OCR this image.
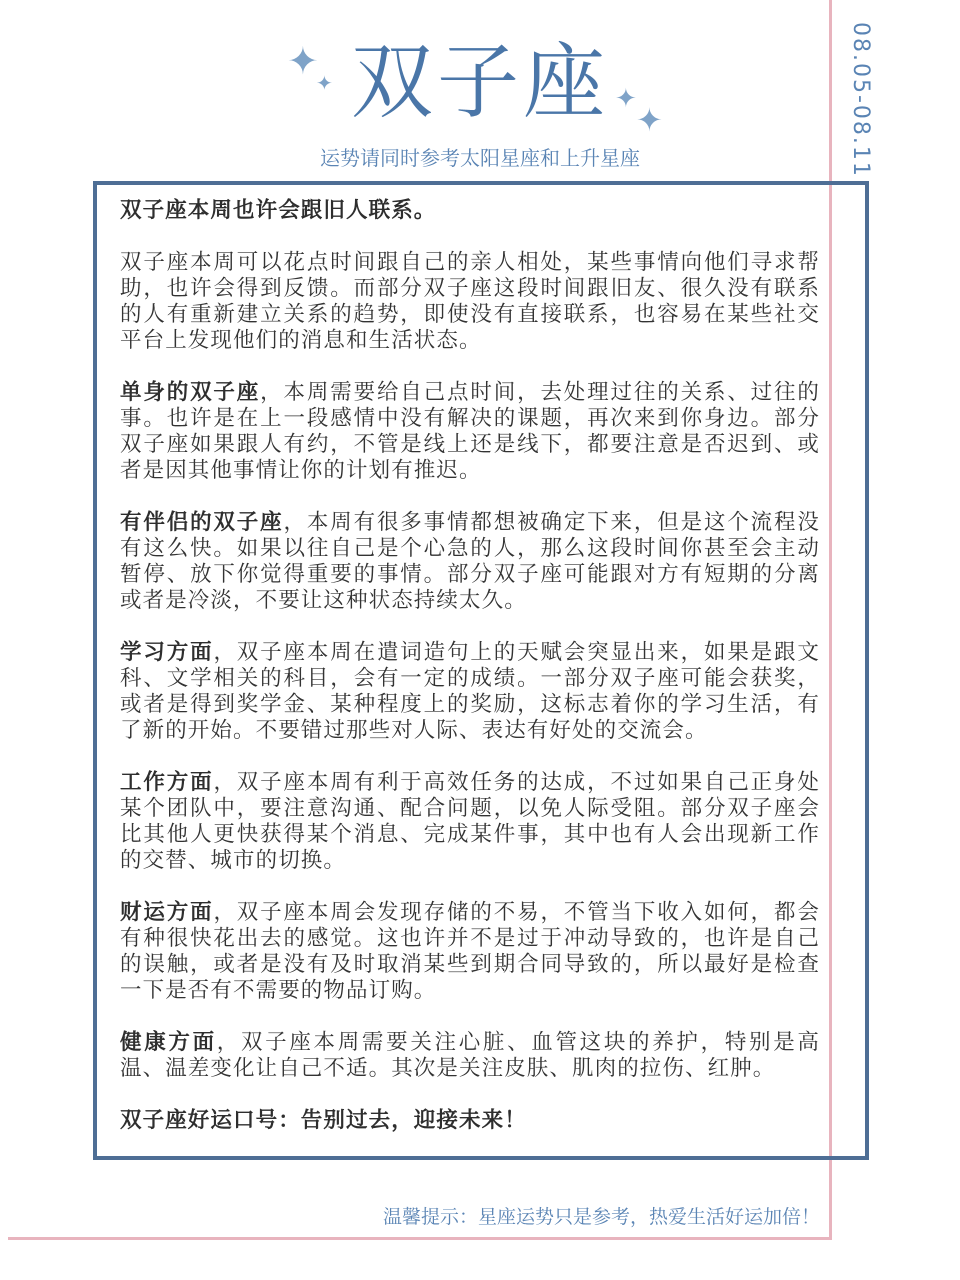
✦
✦
✦
✦
双子座
运势请同时参考太阳星座和上升星座	08.05-08.11

双子座本周也许会跟旧人联系。

双子座本周可以花点时间跟自己的亲人相处，某些事情向他们寻求帮助，也许会得到反馈。而部分双子座这段时间跟旧友、很久没有联系的人有重新建立关系的趋势，即使没有直接联系，也容易在某些社交平台上发现他们的消息和生活状态。

单身的双子座，本周需要给自己点时间，去处理过往的关系、过往的事。也许是在上一段感情中没有解决的课题，再次来到你身边。部分双子座如果跟人有约，不管是线上还是线下，都要注意是否迟到、或者是因其他事情让你的计划有推迟。

有伴侣的双子座，本周有很多事情都想被确定下来，但是这个流程没有这么快。如果以往自己是个心急的人，那么这段时间你甚至会主动暂停、放下你觉得重要的事情。部分双子座可能跟对方有短期的分离或者是冷淡，不要让这种状态持续太久。

学习方面，双子座本周在遣词造句上的天赋会突显出来，如果是跟文科、文学相关的科目，会有一定的成绩。一部分双子座可能会获奖，或者是得到奖学金、某种程度上的奖励，这标志着你的学习生活，有了新的开始。不要错过那些对人际、表达有好处的交流会。

工作方面，双子座本周有利于高效任务的达成，不过如果自己正身处某个团队中，要注意沟通、配合问题，以免人际受阻。部分双子座会比其他人更快获得某个消息、完成某件事，其中也有人会出现新工作的交替、城市的切换。

财运方面，双子座本周会发现存储的不易，不管当下收入如何，都会有种很快花出去的感觉。这也许并不是过于冲动导致的，也许是自己的误触，或者是没有及时取消某些到期合同导致的，所以最好是检查一下是否有不需要的物品订购。

健康方面，双子座本周需要关注心脏、血管这块的养护，特别是高温、温差变化让自己不适。其次是关注皮肤、肌肉的拉伤、红肿。

双子座好运口号：告别过去，迎接未来！

温馨提示：星座运势只是参考，热爱生活好运加倍！
